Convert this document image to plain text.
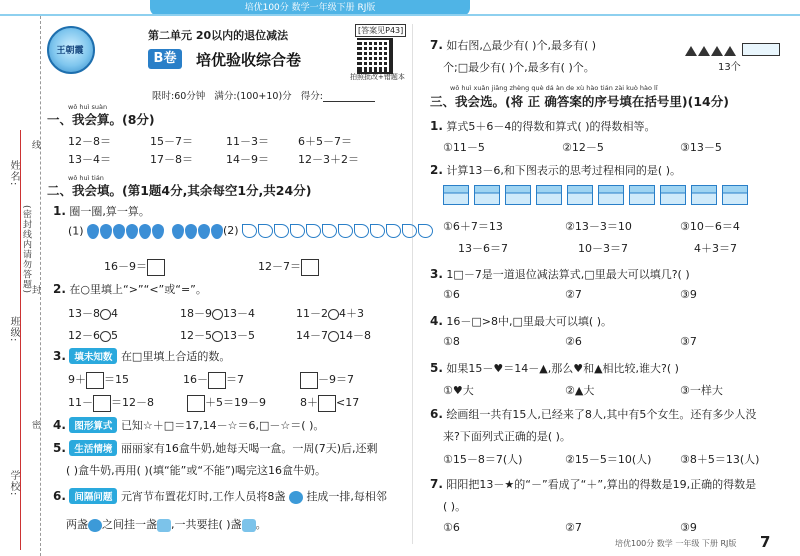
培优100分 数学一年级下册 RJ版
姓名:
班级:
学校:
(密封线内请勿答题)
线
封
密
王朝霞
第二单元 20以内的退位减法
B卷	培优验收综合卷
[答案见P43]
拍照批改+错题本
限时:60分钟 满分:(100+10)分 得分:
wǒ huì suàn
一、我会算。(8分)
12－8＝	15－7＝	11－3＝	6＋5－7＝
13－4＝	17－8＝	14－9＝	12－3＋2＝
wǒ huì tián
二、我会填。(第1题4分,其余每空1分,共24分)
1. 圈一圈,算一算。
(1)	(2)
16－9＝	12－7＝
2. 在○里填上“>”“<”或“=”。
13－8 4	18－9 13－4	11－2 4＋3
12－6 5	12－5 13－5	14－7 14－8
3. 填未知数 在□里填上合适的数。
9＋ ＝15	16－ ＝7	－9＝7
11－ ＝12－8	＋5＝19－9	8＋ <17
4. 图形算式 已知☆＋□＝17,14－☆＝6,□－☆＝( )。
5. 生活情境 丽丽家有16盒牛奶,她每天喝一盒。一周(7天)后,还剩
( )盒牛奶,再用( )(填“能”或“不能”)喝完这16盒牛奶。
6. 间隔问题 元宵节布置花灯时,工作人员将8盏 挂成一排,每相邻
两盏 之间挂一盏 ,一共要挂( )盏 。
7. 如右图,△最少有( )个,最多有( )
个;□最少有( )个,最多有( )个。
	13个
wǒ huì xuǎn jiāng zhèng què dá àn de xù hào tián zài kuò hào lǐ
三、我会选。(将 正 确答案的序号填在括号里)(14分)
1. 算式5＋6－4的得数和算式( )的得数相等。
①11－5	②12－5	③13－5
2. 计算13－6,和下图表示的思考过程相同的是( )。
①6＋7＝13	②13－3＝10	③10－6＝4
13－6＝7	10－3＝7	4＋3＝7
3. 1□－7是一道退位减法算式,□里最大可以填几?( )
①6	②7	③9
4. 16－□>8中,□里最大可以填( )。
①8	②6	③7
5. 如果15－♥＝14－▲,那么♥和▲相比较,谁大?( )
①♥大	②▲大	③一样大
6. 绘画组一共有15人,已经来了8人,其中有5个女生。还有多少人没
来?下面列式正确的是( )。
①15－8＝7(人)	②15－5＝10(人)	③8＋5＝13(人)
7. 阳阳把13－★的“－”看成了“＋”,算出的得数是19,正确的得数是
( )。
①6	②7	③9
培优100分 数学 一年级 下册 RJ版 7
